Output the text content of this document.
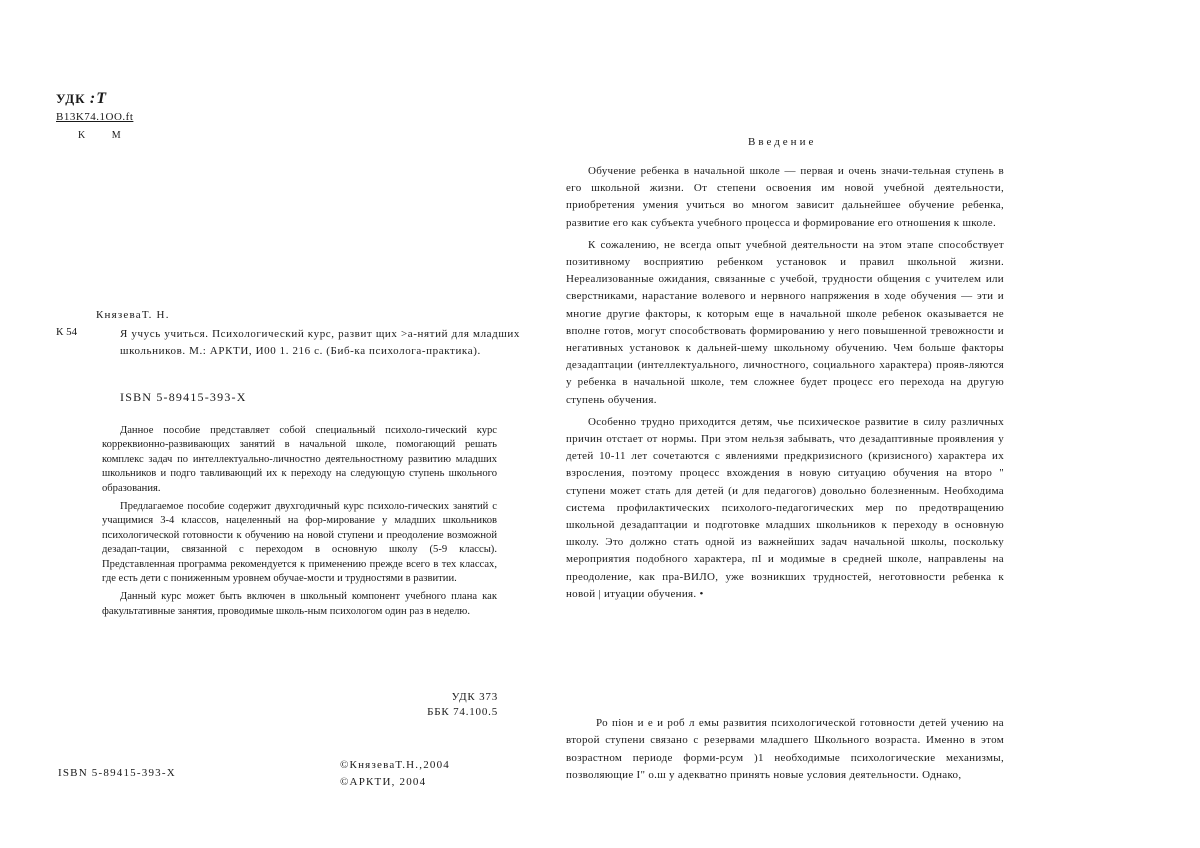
УДК :T
B13K74.1OO.ft
K M
КнязеваТ. Н.
К 54	Я учусь учиться. Психологический курс, развит щих >а-нятий для младших школьников. М.: АРКТИ, И00 1. 216 с. (Биб-ка психолога-практика).
ISBN 5-89415-393-X

Данное пособие представляет собой специальный психоло-гический курс корреквионно-развивающих занятий в начальной школе, помогающий решать комплекс задач по интеллектуально-личностно деятельностному развитию младших школьников и подго тавливающий их к переходу на следующую ступень школьного образования.

Предлагаемое пособие содержит двухгодичный курс психоло-гических занятий с учащимися 3-4 классов, нацеленный на фор-мирование у младших школьников психологической готовности к обучению на новой ступени и преодоление возможной дезадап-тации, связанной с переходом в основную школу (5-9 классы). Представленная программа рекомендуется к применению прежде всего в тех классах, где есть дети с пониженным уровнем обучае-мости и трудностями в развитии.

Данный курс может быть включен в школьный компонент учебного плана как факультативные занятия, проводимые школь-ным психологом один раз в неделю.

УДК 373
ББК 74.100.5
ISBN 5-89415-393-X
©КнязеваТ.Н.,2004
©АРКТИ, 2004
Введение

Обучение ребенка в начальной школе — первая и очень значи-тельная ступень в его школьной жизни. От степени освоения им новой учебной деятельности, приобретения умения учиться во многом зависит дальнейшее обучение ребенка, развитие его как субъекта учебного процесса и формирование его отношения к школе.

К сожалению, не всегда опыт учебной деятельности на этом этапе способствует позитивному восприятию ребенком установок и правил школьной жизни. Нереализованные ожидания, связанные с учебой, трудности общения с учителем или сверстниками, нарастание волевого и нервного напряжения в ходе обучения — эти и многие другие факторы, к которым еще в начальной школе ребенок оказывается не вполне готов, могут способствовать формированию у него повышенной тревожности и негативных установок к дальней-шему школьному обучению. Чем больше факторы дезадаптации (интеллектуального, личностного, социального характера) прояв-ляются у ребенка в начальной школе, тем сложнее будет процесс его перехода на другую ступень обучения.

Особенно трудно приходится детям, чье психическое развитие в силу различных причин отстает от нормы. При этом нельзя забывать, что дезадаптивные проявления у детей 10-11 лет сочетаются с явлениями предкризисного (кризисного) характера их взросления, поэтому процесс вхождения в новую ситуацию обучения на второ " ступени может стать для детей (и для педагогов) довольно болезненным. Необходима система профилактических психолого-педагогических мер по предотвращению школьной дезадаптации и подготовке младших школьников к переходу в основную школу. Это должно стать одной из важнейших задач начальной школы, поскольку мероприятия подобного характера, пI и модимые в средней школе, направлены на преодоление, как пра-ВИЛО, уже возникших трудностей, неготовности ребенка к новой | итуации обучения. •

Ро пiон и е и роб л емы развития психологической готовности детей учению на второй ступени связано с резервами младшего Школьного возраста. Именно в этом возрастном периоде форми-рсум )1 необходимые психологические механизмы, позволяющие I" о.ш у адекватно принять новые условия деятельности. Однако,
